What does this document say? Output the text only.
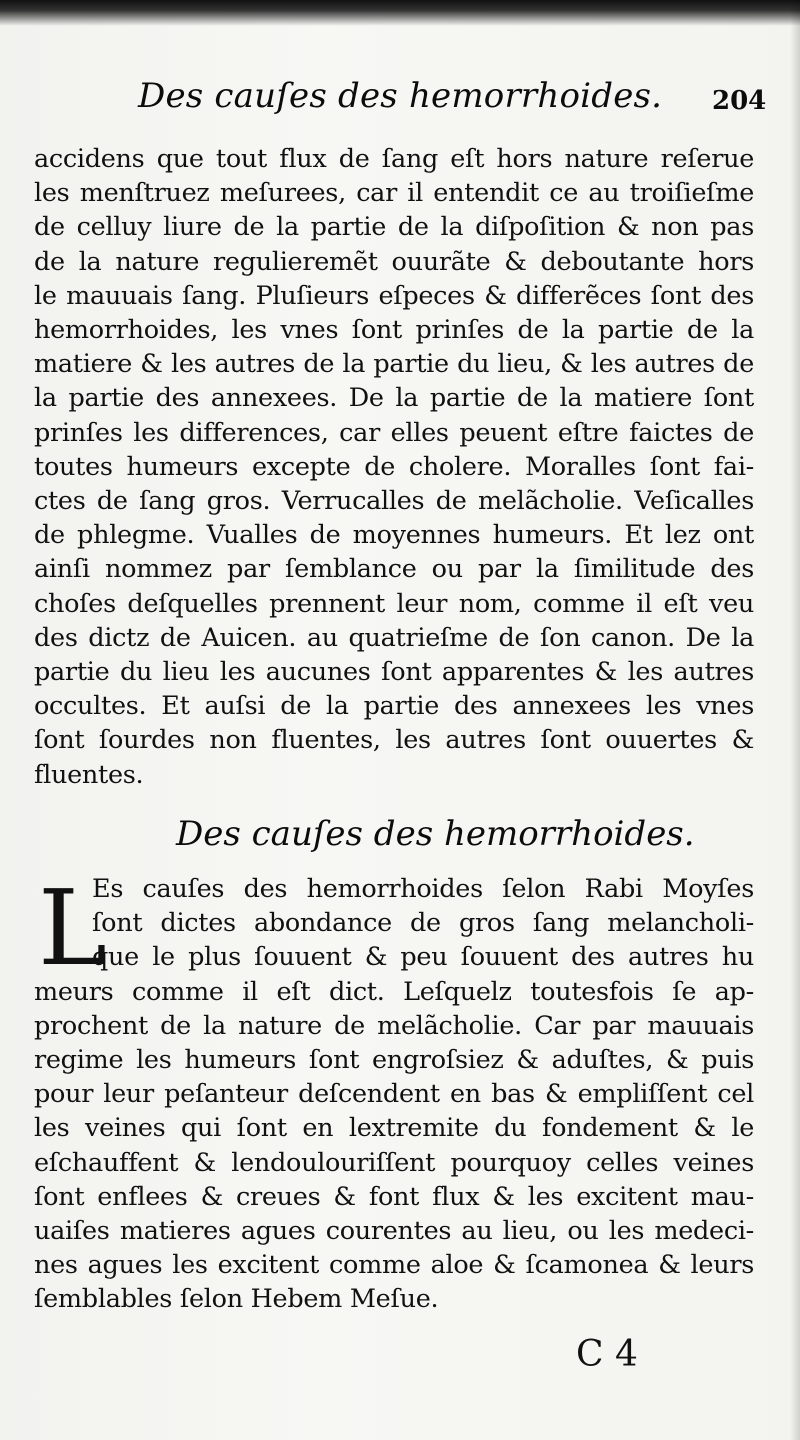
Des cauſes des hemorrhoides. 204
accidens que tout flux de ſang eſt hors nature reſerue
les menſtruez meſurees, car il entendit ce au troiſieſme
de celluy liure de la partie de la diſpoſition & non pas
de la nature regulieremẽt ouurãte & deboutante hors
le mauuais ſang. Pluſieurs eſpeces & differẽces ſont des
hemorrhoides, les vnes ſont prinſes de la partie de la
matiere & les autres de la partie du lieu, & les autres de
la partie des annexees. De la partie de la matiere ſont
prinſes les differences, car elles peuent eſtre faictes de
toutes humeurs excepte de cholere. Moralles ſont fai-
ctes de ſang gros. Verrucalles de melãcholie. Veſicalles
de phlegme. Vualles de moyennes humeurs. Et lez ont
ainſi nommez par ſemblance ou par la ſimilitude des
choſes deſquelles prennent leur nom, comme il eſt veu
des dictz de Auicen. au quatrieſme de ſon canon. De la
partie du lieu les aucunes ſont apparentes & les autres
occultes. Et auſsi de la partie des annexees les vnes
ſont ſourdes non fluentes, les autres ſont ouuertes &
fluentes.
Des cauſes des hemorrhoides.
L
Es cauſes des hemorrhoides ſelon Rabi Moyſes
ſont dictes abondance de gros ſang melancholi-
que le plus ſouuent & peu ſouuent des autres hu
meurs comme il eſt dict. Leſquelz toutesfois ſe ap-
prochent de la nature de melãcholie. Car par mauuais
regime les humeurs ſont engroſsiez & aduſtes, & puis
pour leur peſanteur deſcendent en bas & empliſſent cel
les veines qui ſont en lextremite du fondement & le
eſchauffent & lendoulouriſſent pourquoy celles veines
ſont enflees & creues & font flux & les excitent mau-
uaiſes matieres agues courentes au lieu, ou les medeci-
nes agues les excitent comme aloe & ſcamonea & leurs
ſemblables ſelon Hebem Meſue.
C 4
